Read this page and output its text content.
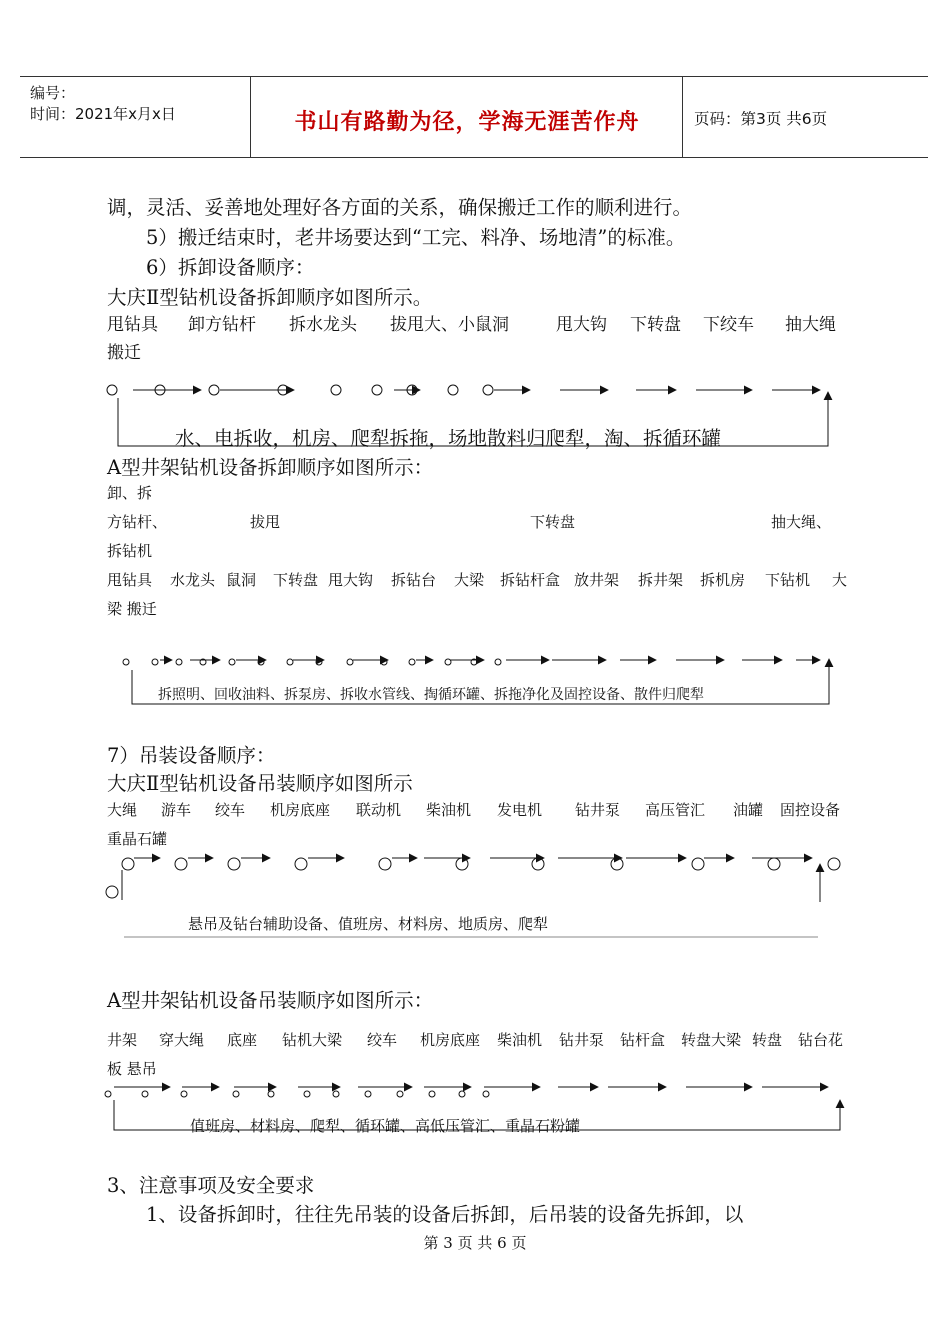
编号：
时间：2021年x月x日	书山有路勤为径，学海无涯苦作舟	页码：第3页 共6页
调，灵活、妥善地处理好各方面的关系，确保搬迁工作的顺利进行。
5）搬迁结束时，老井场要达到“工完、料净、场地清”的标准。
6）拆卸设备顺序：
大庆Ⅱ型钻机设备拆卸顺序如图所示。
甩钻具 卸方钻杆 拆水龙头 拔甩大、小鼠洞	甩大钩 下转盘 下绞车 抽大绳
搬迁
水、电拆收，机房、爬犁拆拖，场地散料归爬犁，淘、拆循环罐
A型井架钻机设备拆卸顺序如图所示：
卸、拆
方钻杆、	拔甩	下转盘	抽大绳、
拆钻机
甩钻具 水龙头 鼠洞 下转盘 甩大钩 拆钻台 大梁 拆钻杆盒 放井架 拆井架 拆机房 下钻机 大
梁 搬迁
拆照明、回收油料、拆泵房、拆收水管线、掏循环罐、拆拖净化及固控设备、散件归爬犁
7）吊装设备顺序：
大庆Ⅱ型钻机设备吊装顺序如图所示
大绳 游车 绞车 机房底座 联动机 柴油机 发电机 钻井泵 高压管汇 油罐 固控设备
重晶石罐
悬吊及钻台辅助设备、值班房、材料房、地质房、爬犁
A型井架钻机设备吊装顺序如图所示：
井架 穿大绳 底座 钻机大梁 绞车 机房底座 柴油机 钻井泵 钻杆盒 转盘大梁 转盘 钻台花
板 悬吊
值班房、材料房、爬犁、循环罐、高低压管汇、重晶石粉罐
3、注意事项及安全要求
1、设备拆卸时，往往先吊装的设备后拆卸，后吊装的设备先拆卸，以
第 3 页 共 6 页
